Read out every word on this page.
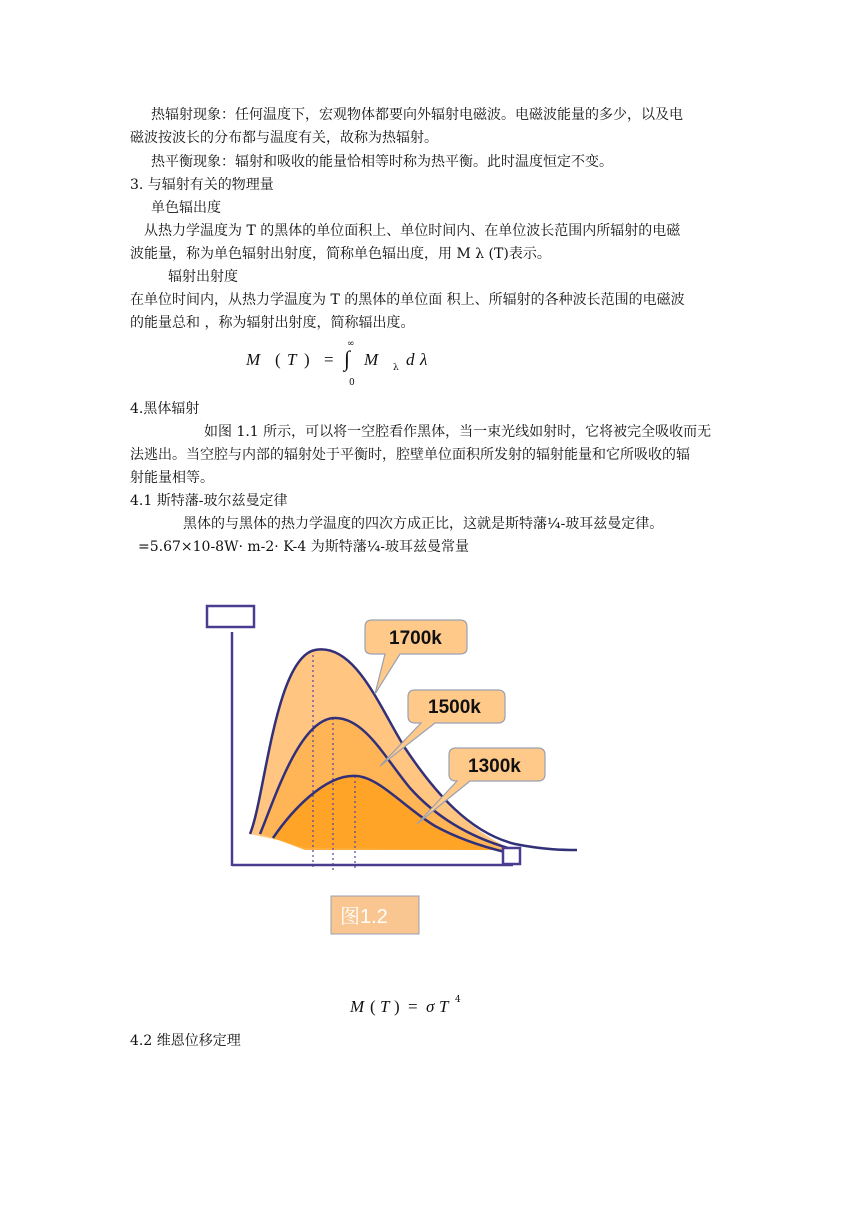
热辐射现象：任何温度下，宏观物体都要向外辐射电磁波。电磁波能量的多少，以及电
磁波按波长的分布都与温度有关，故称为热辐射。
热平衡现象：辐射和吸收的能量恰相等时称为热平衡。此时温度恒定不变。
3. 与辐射有关的物理量
单色辐出度
从热力学温度为 T 的黑体的单位面积上、单位时间内、在单位波长范围内所辐射的电磁
波能量，称为单色辐射出射度，简称单色辐出度，用 M λ (T)表示。
辐射出射度
在单位时间内，从热力学温度为 T 的黑体的单位面 积上、所辐射的各种波长范围的电磁波
的能量总和 ，称为辐射出射度，简称辐出度。
M ( T ) =
∞
∫
0
M λ d λ
4.黑体辐射
如图 1.1 所示，可以将一空腔看作黑体，当一束光线如射时，它将被完全吸收而无
法逃出。当空腔与内部的辐射处于平衡时，腔壁单位面积所发射的辐射能量和它所吸收的辐
射能量相等。
4.1 斯特藩-玻尔兹曼定律
黑体的与黑体的热力学温度的四次方成正比，这就是斯特藩¼-玻耳兹曼定律。
=5.67×10-8W· m-2· K-4 为斯特藩¼-玻耳兹曼常量
1700k
1500k
1300k
图1.2
M ( T ) = σ T 4
4.2 维恩位移定理
